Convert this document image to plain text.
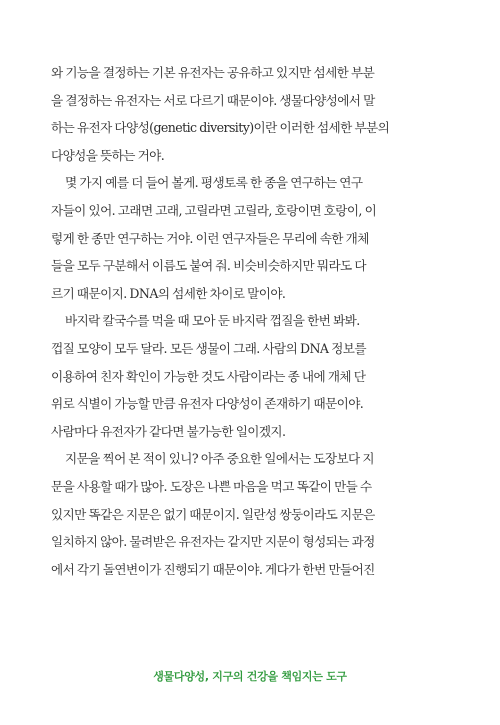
와 기능을 결정하는 기본 유전자는 공유하고 있지만 섬세한 부분
을 결정하는 유전자는 서로 다르기 때문이야. 생물다양성에서 말
하는 유전자 다양성(genetic diversity)이란 이러한 섬세한 부분의
다양성을 뜻하는 거야.

몇 가지 예를 더 들어 볼게. 평생토록 한 종을 연구하는 연구
자들이 있어. 고래면 고래, 고릴라면 고릴라, 호랑이면 호랑이, 이
렇게 한 종만 연구하는 거야. 이런 연구자들은 무리에 속한 개체
들을 모두 구분해서 이름도 붙여 줘. 비슷비슷하지만 뭐라도 다
르기 때문이지. DNA의 섬세한 차이로 말이야.

바지락 칼국수를 먹을 때 모아 둔 바지락 껍질을 한번 봐봐.
껍질 모양이 모두 달라. 모든 생물이 그래. 사람의 DNA 정보를
이용하여 친자 확인이 가능한 것도 사람이라는 종 내에 개체 단
위로 식별이 가능할 만큼 유전자 다양성이 존재하기 때문이야.
사람마다 유전자가 같다면 불가능한 일이겠지.

지문을 찍어 본 적이 있니? 아주 중요한 일에서는 도장보다 지
문을 사용할 때가 많아. 도장은 나쁜 마음을 먹고 똑같이 만들 수
있지만 똑같은 지문은 없기 때문이지. 일란성 쌍둥이라도 지문은
일치하지 않아. 물려받은 유전자는 같지만 지문이 형성되는 과정
에서 각기 돌연변이가 진행되기 때문이야. 게다가 한번 만들어진

생물다양성, 지구의 건강을 책임지는 도구
